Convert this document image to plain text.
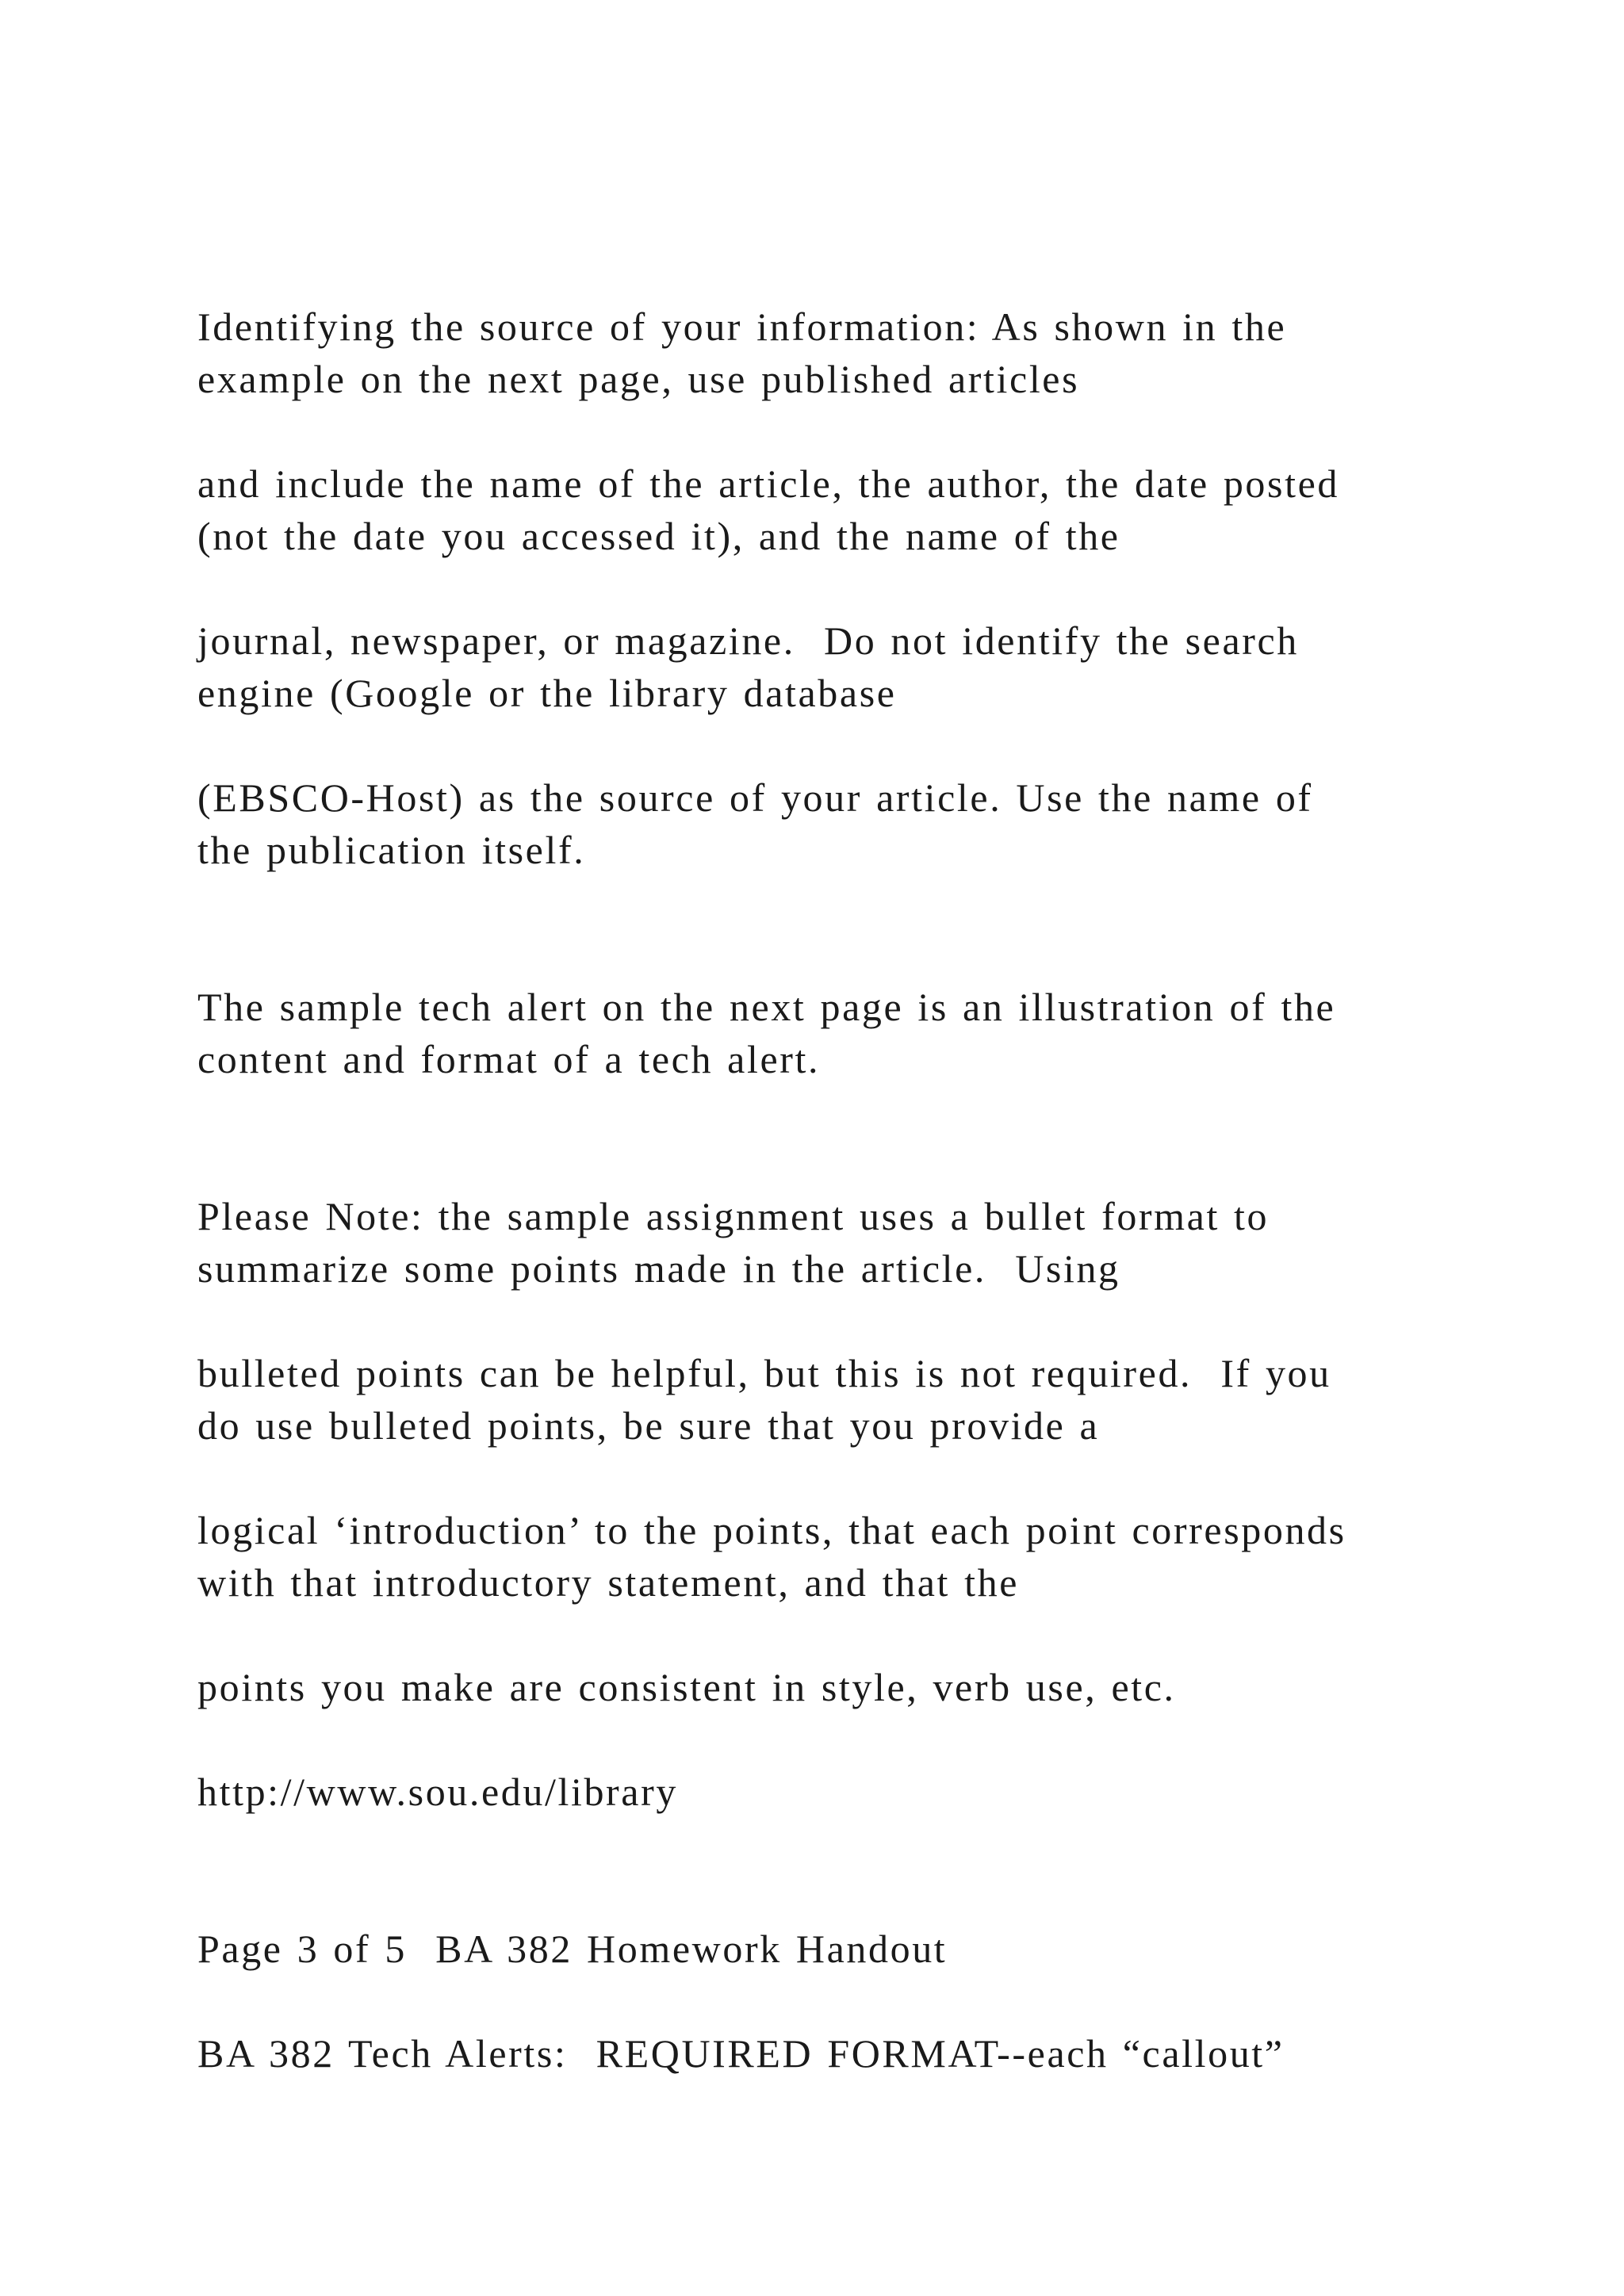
Identifying the source of your information: As shown in the

example on the next page, use published articles

and include the name of the article, the author, the date posted

(not the date you accessed it), and the name of the

journal, newspaper, or magazine.  Do not identify the search

engine (Google or the library database

(EBSCO-Host) as the source of your article. Use the name of

the publication itself.

The sample tech alert on the next page is an illustration of the

content and format of a tech alert.

Please Note: the sample assignment uses a bullet format to

summarize some points made in the article.  Using

bulleted points can be helpful, but this is not required.  If you

do use bulleted points, be sure that you provide a

logical ‘introduction’ to the points, that each point corresponds

with that introductory statement, and that the

points you make are consistent in style, verb use, etc.

http://www.sou.edu/library

Page 3 of 5  BA 382 Homework Handout

BA 382 Tech Alerts:  REQUIRED FORMAT--each “callout”
